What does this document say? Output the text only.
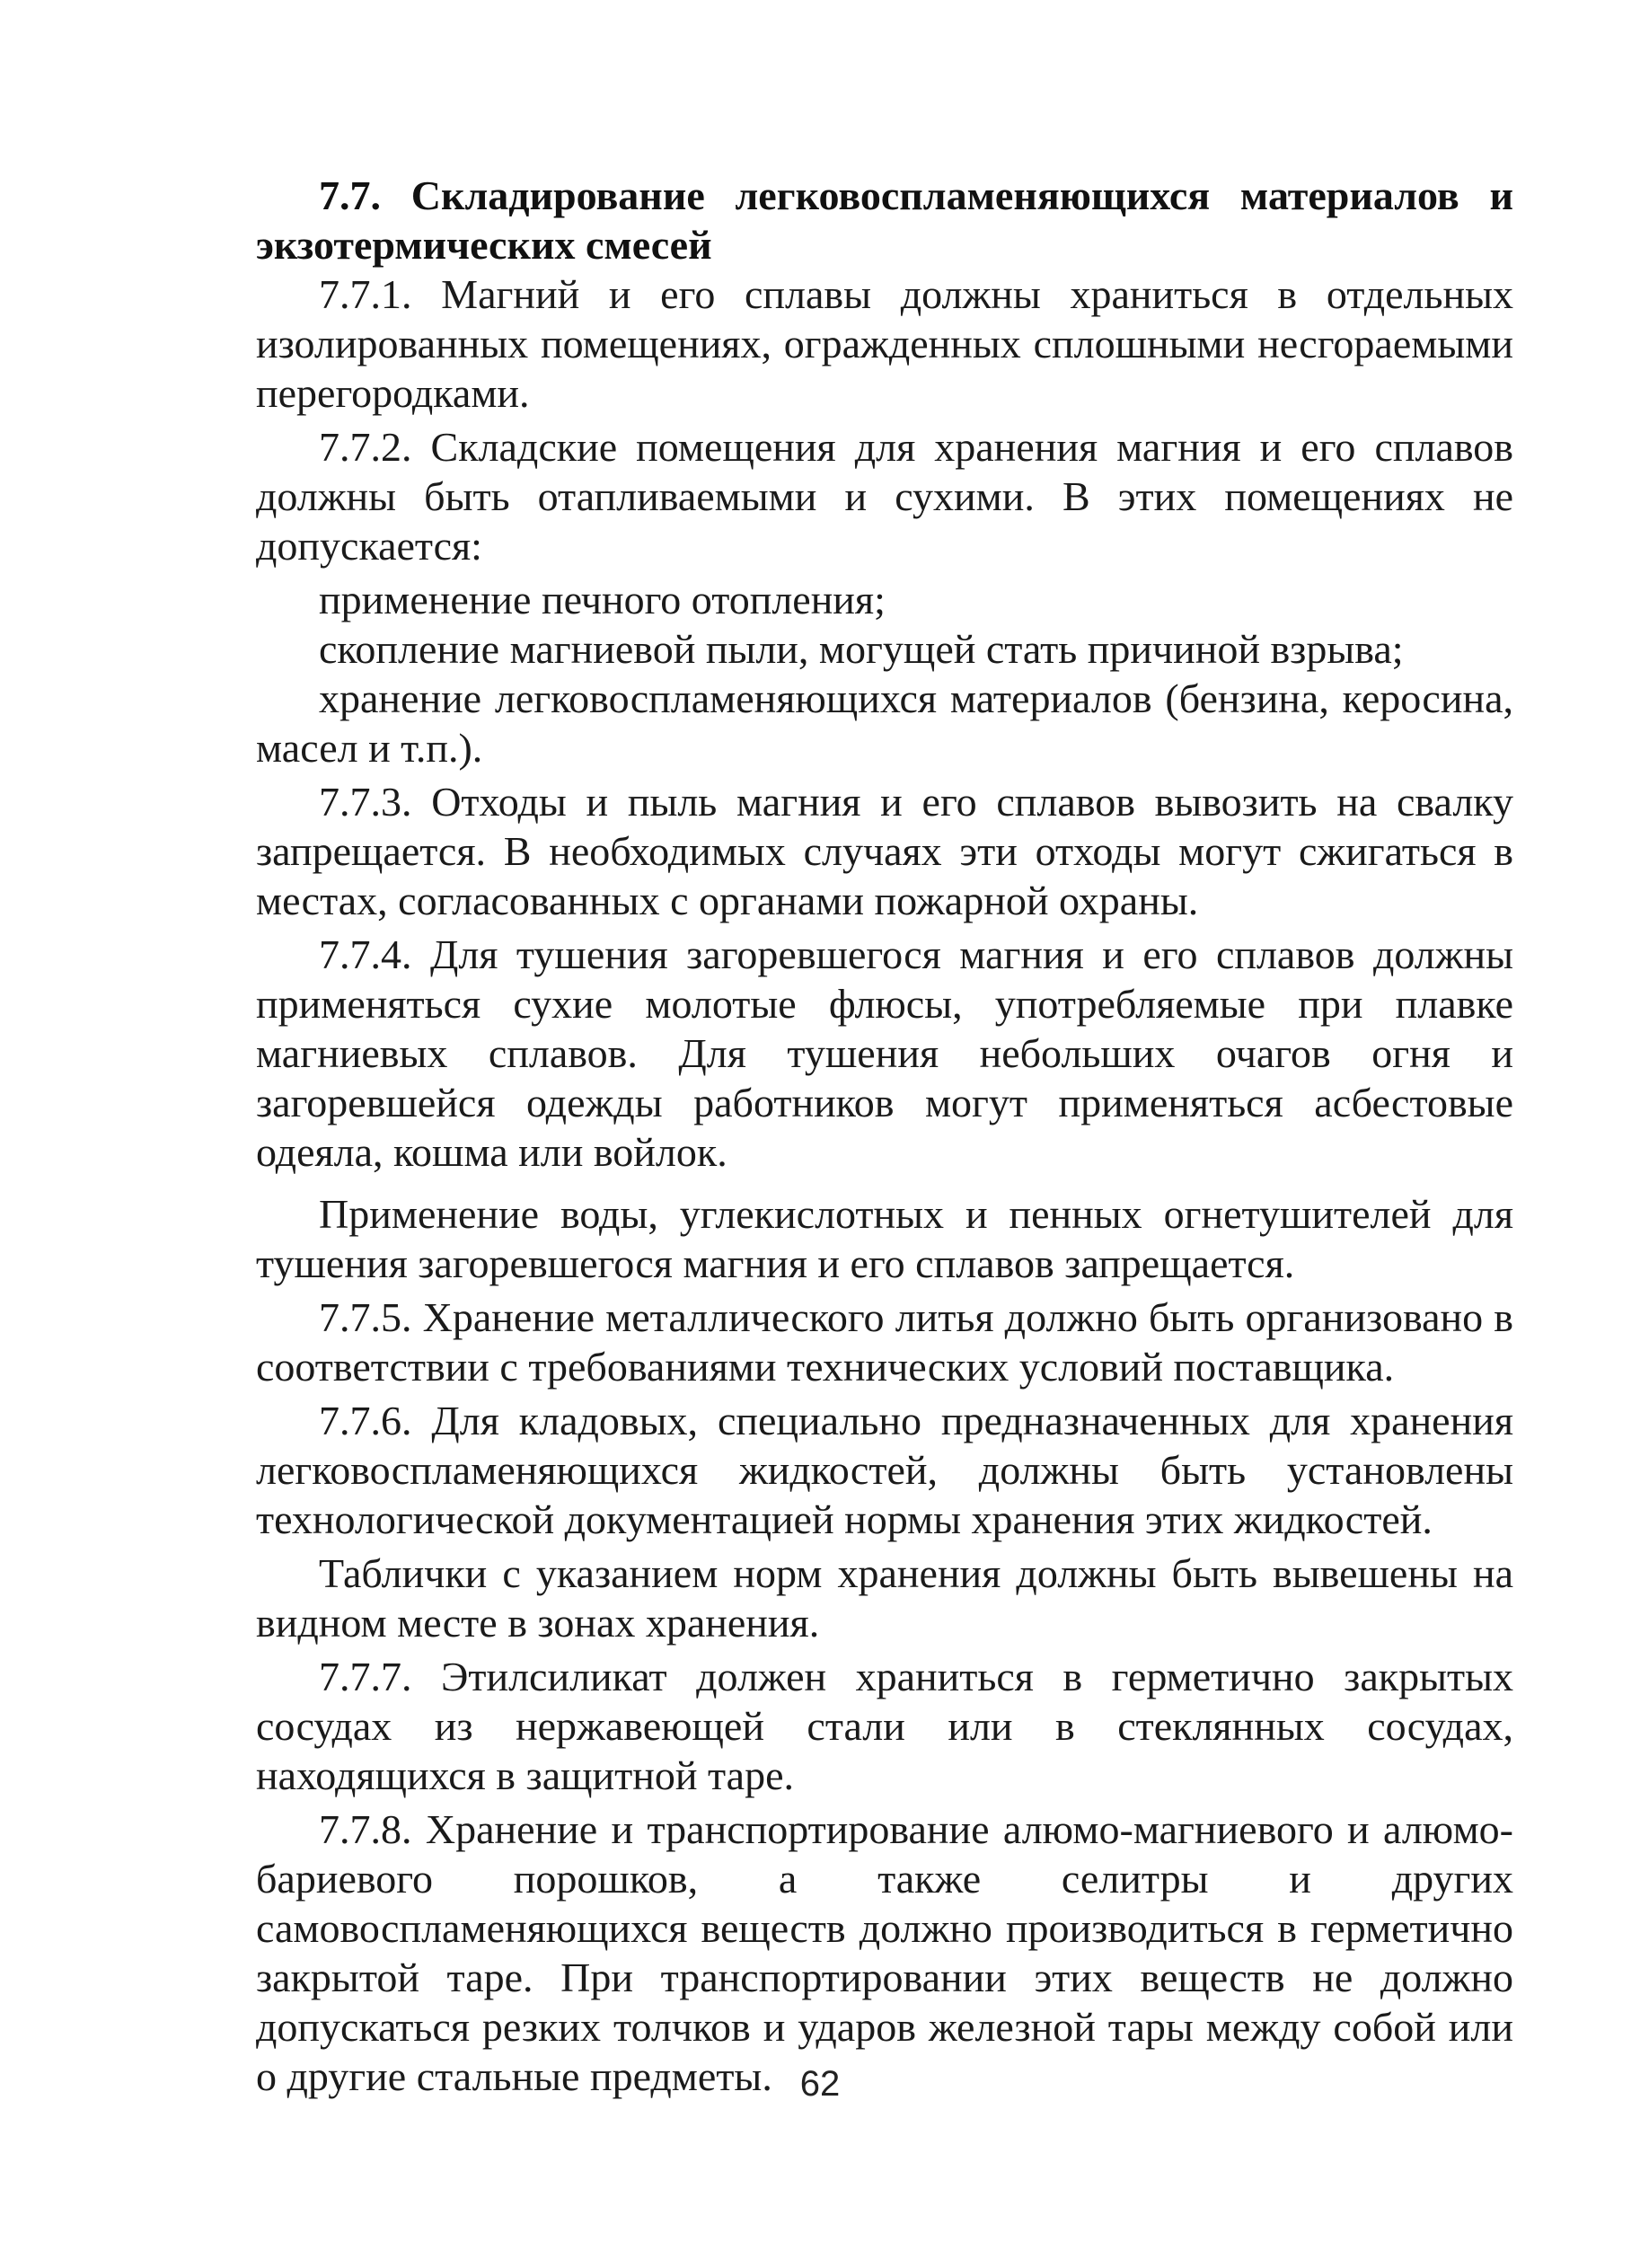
7.7. Складирование легковоспламеняющихся материалов и экзотермических смесей

7.7.1. Магний и его сплавы должны храниться в отдельных изолированных помещениях, огражденных сплошными несгораемыми перегородками.

7.7.2. Складские помещения для хранения магния и его сплавов должны быть отапливаемыми и сухими. В этих помещениях не допускается:

применение печного отопления;

скопление магниевой пыли, могущей стать причиной взрыва;

хранение легковоспламеняющихся материалов (бензина, керосина, масел и т.п.).

7.7.3. Отходы и пыль магния и его сплавов вывозить на свалку запрещается. В необходимых случаях эти отходы могут сжигаться в местах, согласованных с органами пожарной охраны.

7.7.4. Для тушения загоревшегося магния и его сплавов должны применяться сухие молотые флюсы, употребляемые при плавке магниевых сплавов. Для тушения небольших очагов огня и загоревшейся одежды работников могут применяться асбестовые одеяла, кошма или войлок.

Применение воды, углекислотных и пенных огнетушителей для тушения загоревшегося магния и его сплавов запрещается.

7.7.5. Хранение металлического литья должно быть организовано в соответствии с требованиями технических условий поставщика.

7.7.6. Для кладовых, специально предназначенных для хранения легковоспламеняющихся жидкостей, должны быть установлены технологической документацией нормы хранения этих жидкостей.

Таблички с указанием норм хранения должны быть вывешены на видном месте в зонах хранения.

7.7.7. Этилсиликат должен храниться в герметично закрытых сосудах из нержавеющей стали или в стеклянных сосудах, находящихся в защитной таре.

7.7.8. Хранение и транспортирование алюмо-магниевого и алюмо-бариевого порошков, а также селитры и других самовоспламеняющихся веществ должно производиться в герметично закрытой таре. При транспортировании этих веществ не должно допускаться резких толчков и ударов железной тары между собой или о другие стальные предметы. 62
